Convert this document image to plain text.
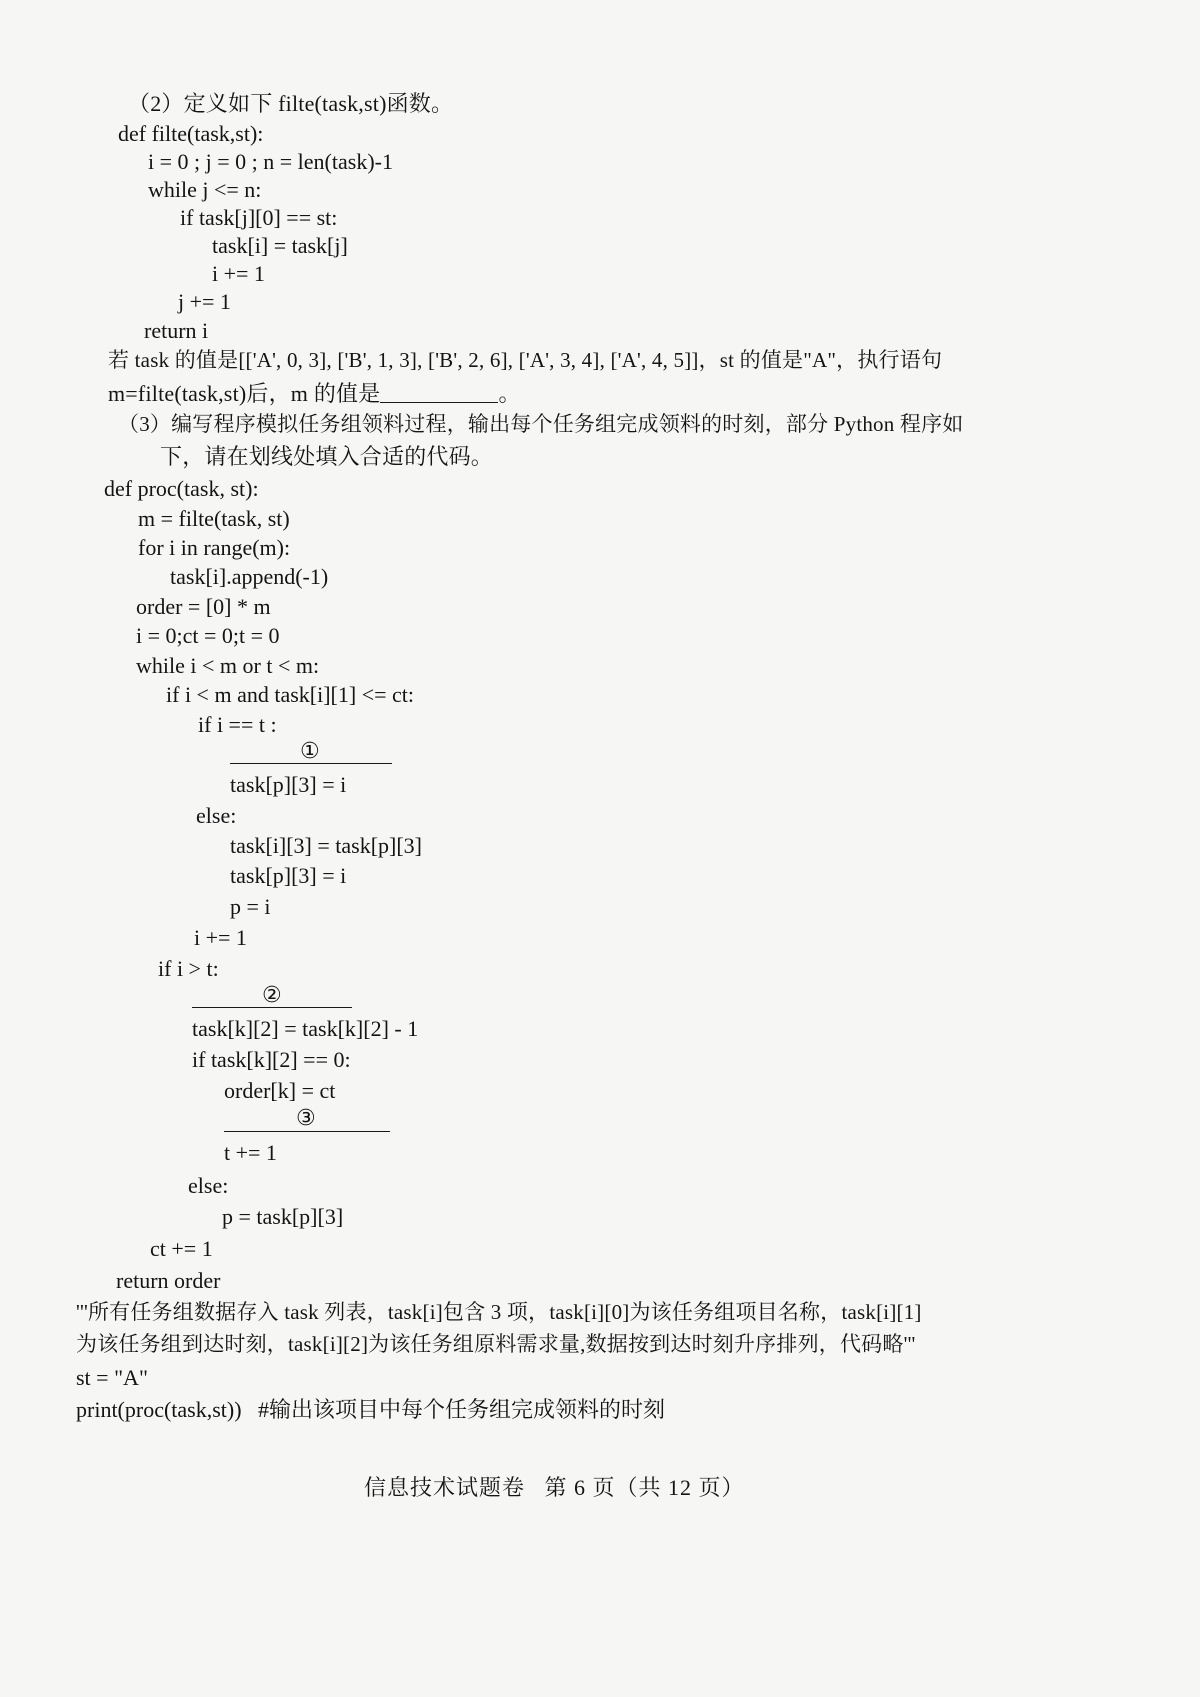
（2）定义如下 filte(task,st)函数。
def filte(task,st):
i = 0 ; j = 0 ; n = len(task)-1
while j <= n:
if task[j][0] == st:
task[i] = task[j]
i += 1
j += 1
return i
若 task 的值是[['A', 0, 3], ['B', 1, 3], ['B', 2, 6], ['A', 3, 4], ['A', 4, 5]]，st 的值是"A"，执行语句
m=filte(task,st)后，m 的值是	。
（3）编写程序模拟任务组领料过程，输出每个任务组完成领料的时刻，部分 Python 程序如
下，请在划线处填入合适的代码。
def proc(task, st):
m = filte(task, st)
for i in range(m):
task[i].append(-1)
order = [0] * m
i = 0;ct = 0;t = 0
while i < m or t < m:
if i < m and task[i][1] <= ct:
if i == t :
①
task[p][3] = i
else:
task[i][3] = task[p][3]
task[p][3] = i
p = i
i += 1
if i > t:
②
task[k][2] = task[k][2] - 1
if task[k][2] == 0:
order[k] = ct
③
t += 1
else:
p = task[p][3]
ct += 1
return order
'''所有任务组数据存入 task 列表，task[i]包含 3 项，task[i][0]为该任务组项目名称，task[i][1]
为该任务组到达时刻，task[i][2]为该任务组原料需求量,数据按到达时刻升序排列，代码略'''
st = "A"
print(proc(task,st))   #输出该项目中每个任务组完成领料的时刻
信息技术试题卷   第 6 页（共 12 页）
